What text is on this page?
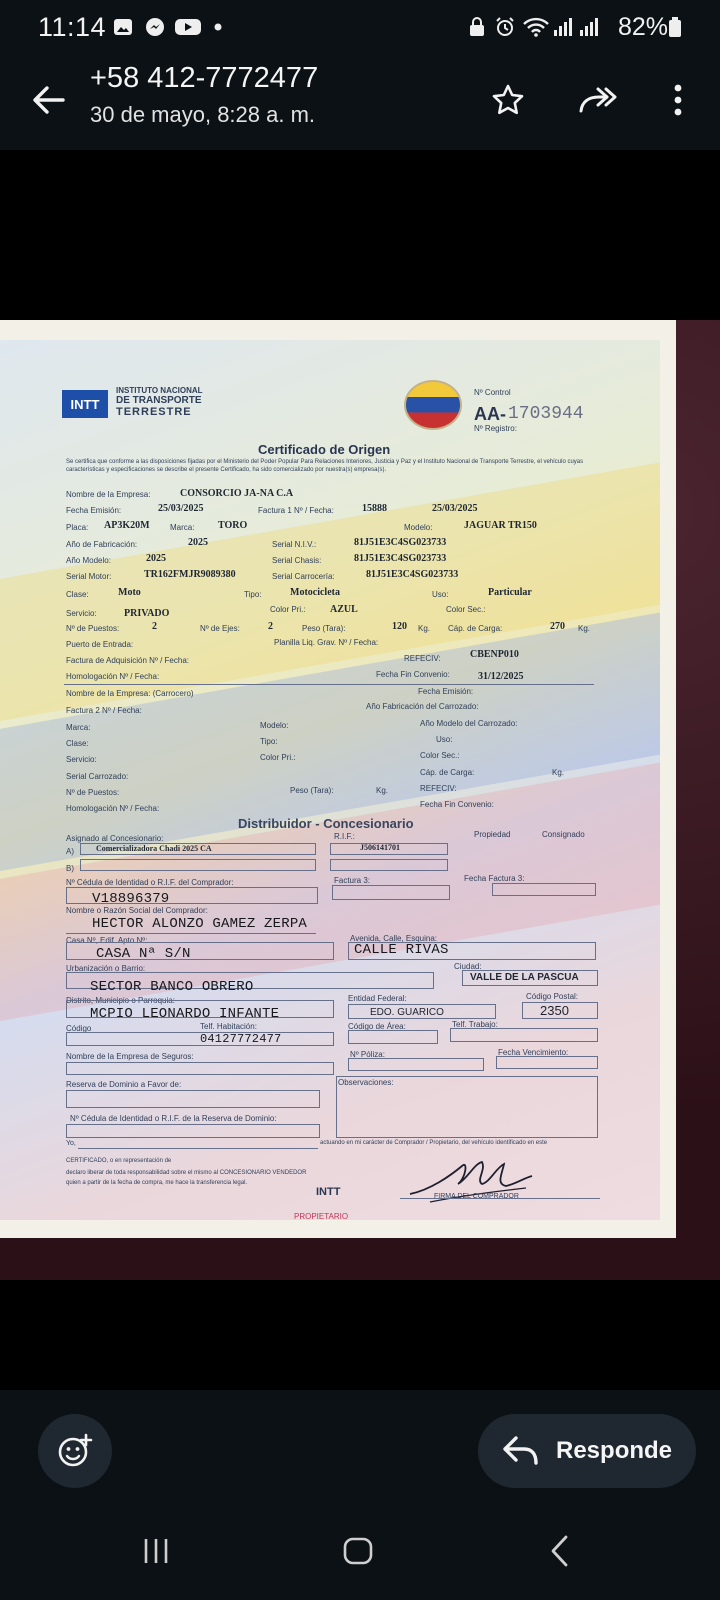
11:14	82%
+58 412-7772477
30 de mayo, 8:28 a. m.
INTT
INSTITUTO NACIONAL
DE TRANSPORTE
TERRESTRE
Nº Control
AA- 1703944
Nº Registro:
Certificado de Origen
Se certifica que conforme a las disposiciones fijadas por el Ministerio del Poder Popular Para Relaciones Interiores, Justicia y Paz y el Instituto Nacional de Transporte Terrestre, el vehículo cuyas características y especificaciones se describe el presente Certificado, ha sido comercializado por nuestra(s) empresa(s).
Nombre de la Empresa:	CONSORCIO JA-NA C.A
Fecha Emisión:	25/03/2025	Factura 1 Nº / Fecha:	15888	25/03/2025
Placa: AP3K20M	Marca: TORO	Modelo:	JAGUAR TR150
Año de Fabricación:	2025	Serial N.I.V.:	81J51E3C4SG023733
Año Modelo:	2025	Serial Chasis:	81J51E3C4SG023733
Serial Motor:	TR162FMJR9089380	Serial Carrocería:	81J51E3C4SG023733
Clase:	Moto	Tipo:	Motocicleta	Uso:	Particular
Color Pri.: AZUL	Color Sec.:
Servicio:	PRIVADO
Nº de Puestos:	2	Nº de Ejes:	2	Peso (Tara):	120 Kg. Cáp. de Carga:	270 Kg.
Puerto de Entrada:	Planilla Liq. Grav. Nº / Fecha:
Factura de Adquisición Nº / Fecha:	REFECIV:	CBENP010
Homologación Nº / Fecha:	Fecha Fin Convenio:	31/12/2025
Nombre de la Empresa: (Carrocero)	Fecha Emisión:
Factura 2 Nº / Fecha:	Año Fabricación del Carrozado:
Marca:	Modelo:	Año Modelo del Carrozado:
Clase:	Tipo:	Uso:
Servicio:	Color Pri.:	Color Sec.:
Serial Carrozado:	Cáp. de Carga:	Kg.
Nº de Puestos:	Peso (Tara):	Kg.	REFECIV:
Homologación Nº / Fecha:	Fecha Fin Convenio:
Distribuidor - Concesionario
Asignado al Concesionario:	R.I.F.:	Propiedad	Consignado
A)	Comercializadora Chadi 2025 CA	J506141701
B)
Nº Cédula de Identidad o R.I.F. del Comprador:
V18896379
Factura 3:	Fecha Factura 3:
Nombre o Razón Social del Comprador:
HECTOR ALONZO GAMEZ ZERPA
Casa Nº, Edif. Apto Nº:
CASA Nª S/N
Avenida, Calle, Esquina:
CALLE RIVAS
Urbanización o Barrio:
SECTOR BANCO OBRERO
Ciudad:
VALLE DE LA PASCUA
Distrito, Municipio o Parroquia:
MCPIO LEONARDO INFANTE
Entidad Federal:
EDO. GUARICO
Código Postal:
2350
Código	Telf. Habitación:
04127772477
Código de Área:	Telf. Trabajo:
Nombre de la Empresa de Seguros:	Nº Póliza:	Fecha Vencimiento:
Reserva de Dominio a Favor de:	Observaciones:
Nº Cédula de Identidad o R.I.F. de la Reserva de Dominio:
Yo,	actuando en mi carácter de Comprador / Propietario, del vehículo identificado en este
CERTIFICADO, o en representación de
declaro liberar de toda responsabilidad sobre el mismo al CONCESIONARIO VENDEDOR
quien a partir de la fecha de compra, me hace la transferencia legal.
INTT	FIRMA DEL COMPRADOR
PROPIETARIO
Responde
